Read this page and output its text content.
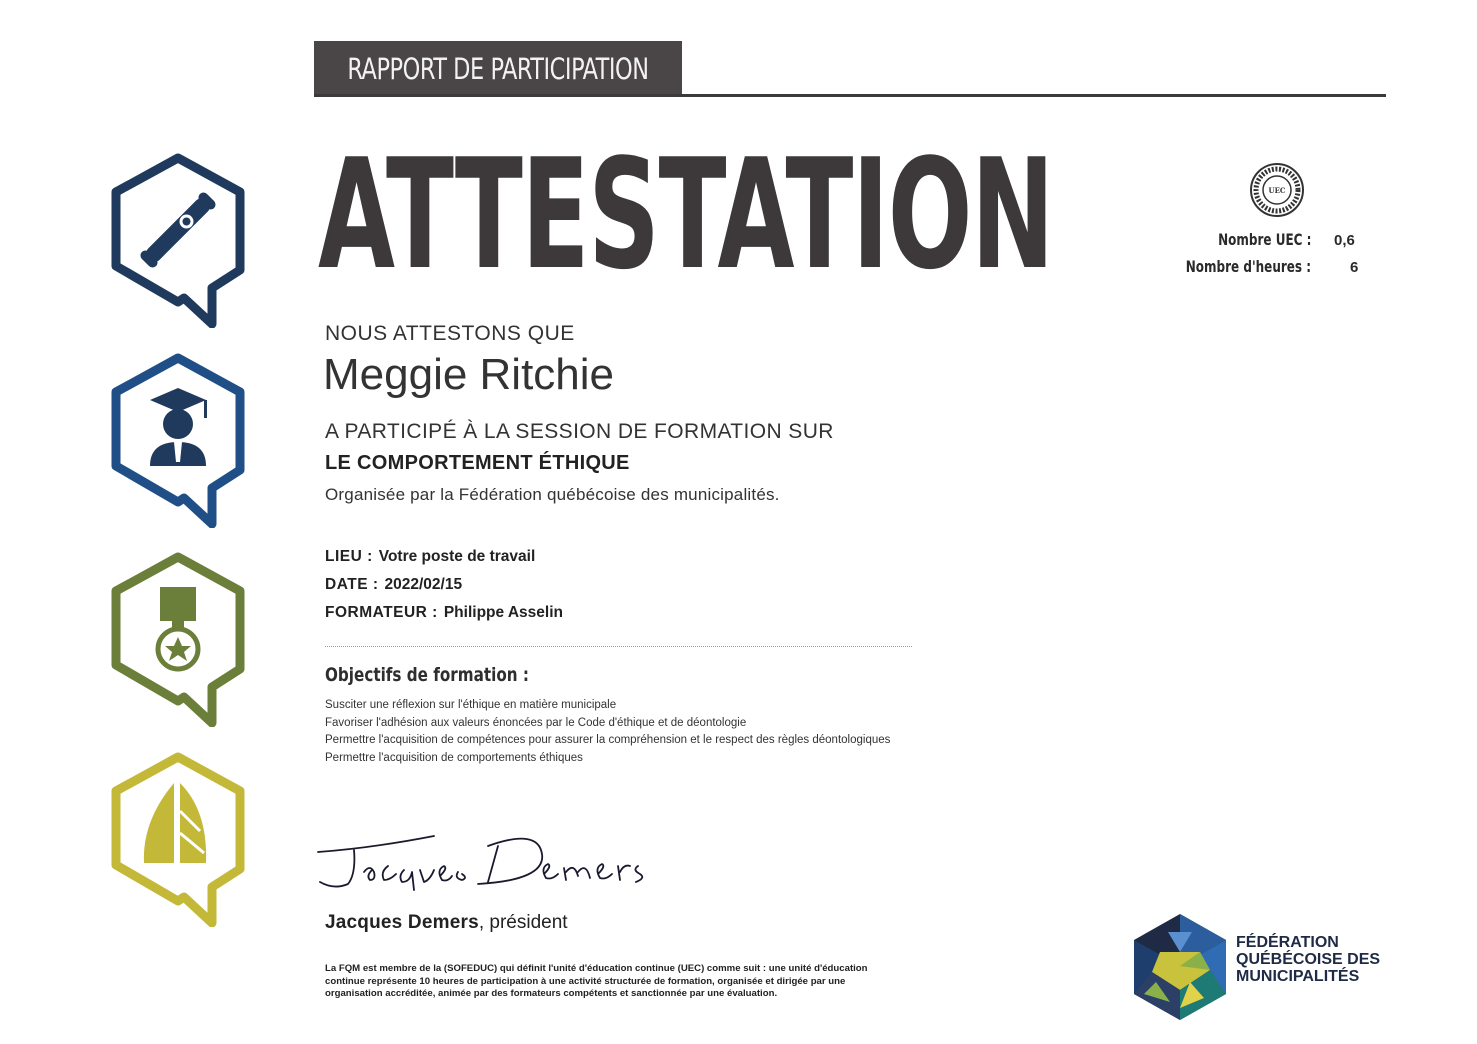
RAPPORT DE PARTICIPATION
ATTESTATION
NOUS ATTESTONS QUE
Meggie Ritchie
A PARTICIPÉ À LA SESSION DE FORMATION SUR
LE COMPORTEMENT ÉTHIQUE
Organisée par la Fédération québécoise des municipalités.
LIEU : Votre poste de travail
DATE : 2022/02/15
FORMATEUR : Philippe Asselin
Objectifs de formation :
Susciter une réflexion sur l'éthique en matière municipale
Favoriser l'adhésion aux valeurs énoncées par le Code d'éthique et de déontologie
Permettre l'acquisition de compétences pour assurer la compréhension et le respect des règles déontologiques
Permettre l'acquisition de comportements éthiques
Jacques Demers, président
La FQM est membre de la (SOFEDUC) qui définit l'unité d'éducation continue (UEC) comme suit : une unité d'éducation continue représente 10 heures de participation à une activité structurée de formation, organisée et dirigée par une organisation accréditée, animée par des formateurs compétents et sanctionnée par une évaluation.
UEC
Nombre UEC : 0,6
Nombre d'heures :	6
FÉDÉRATION
QUÉBÉCOISE DES
MUNICIPALITÉS
